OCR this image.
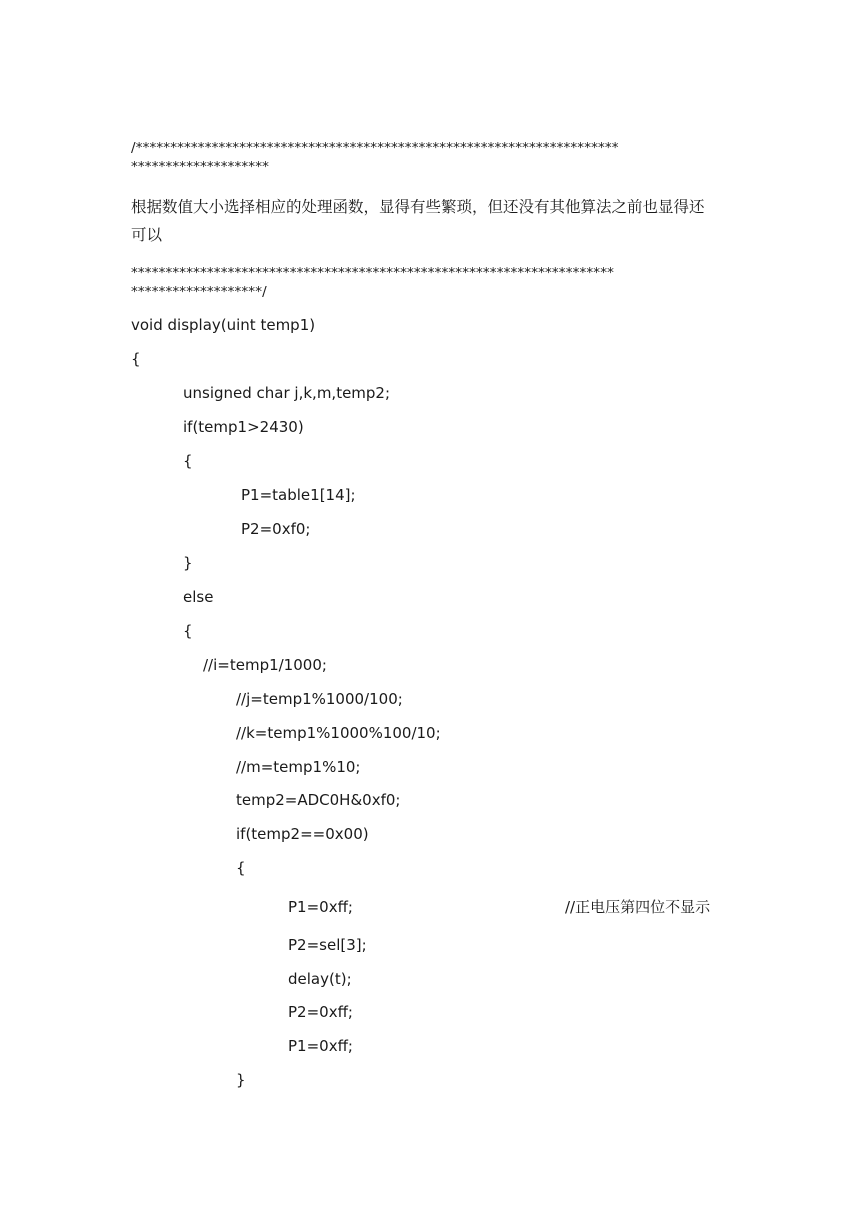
/**********************************************************************
********************
根据数值大小选择相应的处理函数，显得有些繁琐，但还没有其他算法之前也显得还
可以
**********************************************************************
*******************/
void display(uint temp1)
{
unsigned char j,k,m,temp2;
if(temp1>2430)
{
P1=table1[14];
P2=0xf0;
}
else
{
//i=temp1/1000;
//j=temp1%1000/100;
//k=temp1%1000%100/10;
//m=temp1%10;
temp2=ADC0H&0xf0;
if(temp2==0x00)
{
P1=0xff;	//正电压第四位不显示
P2=sel[3];
delay(t);
P2=0xff;
P1=0xff;
}
